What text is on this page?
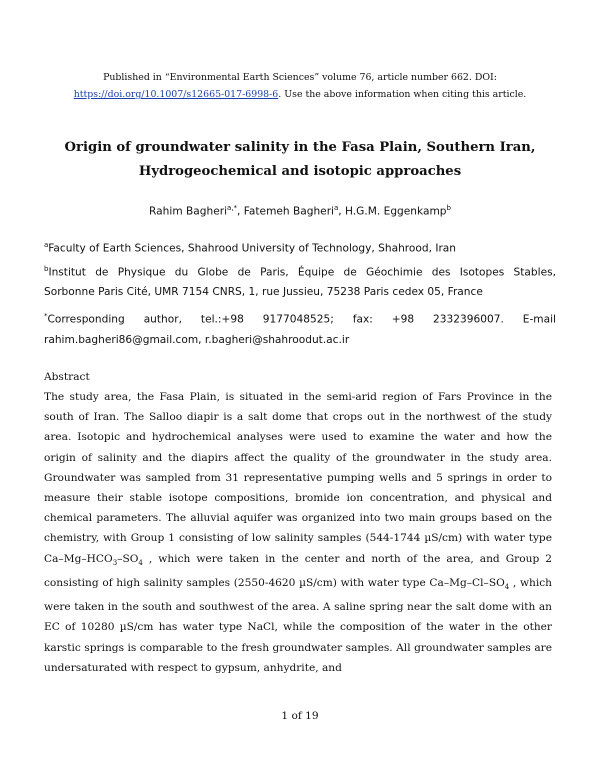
Published in “Environmental Earth Sciences” volume 76, article number 662. DOI:
https://doi.org/10.1007/s12665-017-6998-6. Use the above information when citing this article.
Origin of groundwater salinity in the Fasa Plain, Southern Iran,
Hydrogeochemical and isotopic approaches
Rahim Bagheri$^{a,*}$, Fatemeh Bagheri$^a$, H.G.M. Eggenkamp$^b$
$^a$Faculty of Earth Sciences, Shahrood University of Technology, Shahrood, Iran
$^b$Institut de Physique du Globe de Paris, Équipe de Géochimie des Isotopes Stables,
Sorbonne Paris Cité, UMR 7154 CNRS, 1, rue Jussieu, 75238 Paris cedex 05, France
*Corresponding author, tel.:+98 9177048525; fax: +98 2332396007. E-mail
rahim.bagheri86@gmail.com, r.bagheri@shahroodut.ac.ir
Abstract
The study area, the Fasa Plain, is situated in the semi-arid region of Fars Province in the south of Iran. The Salloo diapir is a salt dome that crops out in the northwest of the study area. Isotopic and hydrochemical analyses were used to examine the water and how the origin of salinity and the diapirs affect the quality of the groundwater in the study area. Groundwater was sampled from 31 representative pumping wells and 5 springs in order to measure their stable isotope compositions, bromide ion concentration, and physical and chemical parameters. The alluvial aquifer was organized into two main groups based on the chemistry, with Group 1 consisting of low salinity samples (544-1744 µS/cm) with water type $Ca-Mg-HCO_3-SO_4$ , which were taken in the center and north of the area, and Group 2 consisting of high salinity samples (2550-4620 µS/cm) with water type $Ca-Mg-Cl-SO_4$ , which were taken in the south and southwest of the area. A saline spring near the salt dome with an EC of 10280 µS/cm has water type NaCl, while the composition of the water in the other karstic springs is comparable to the fresh groundwater samples. All groundwater samples are undersaturated with respect to gypsum, anhydrite, and
1 of 19
